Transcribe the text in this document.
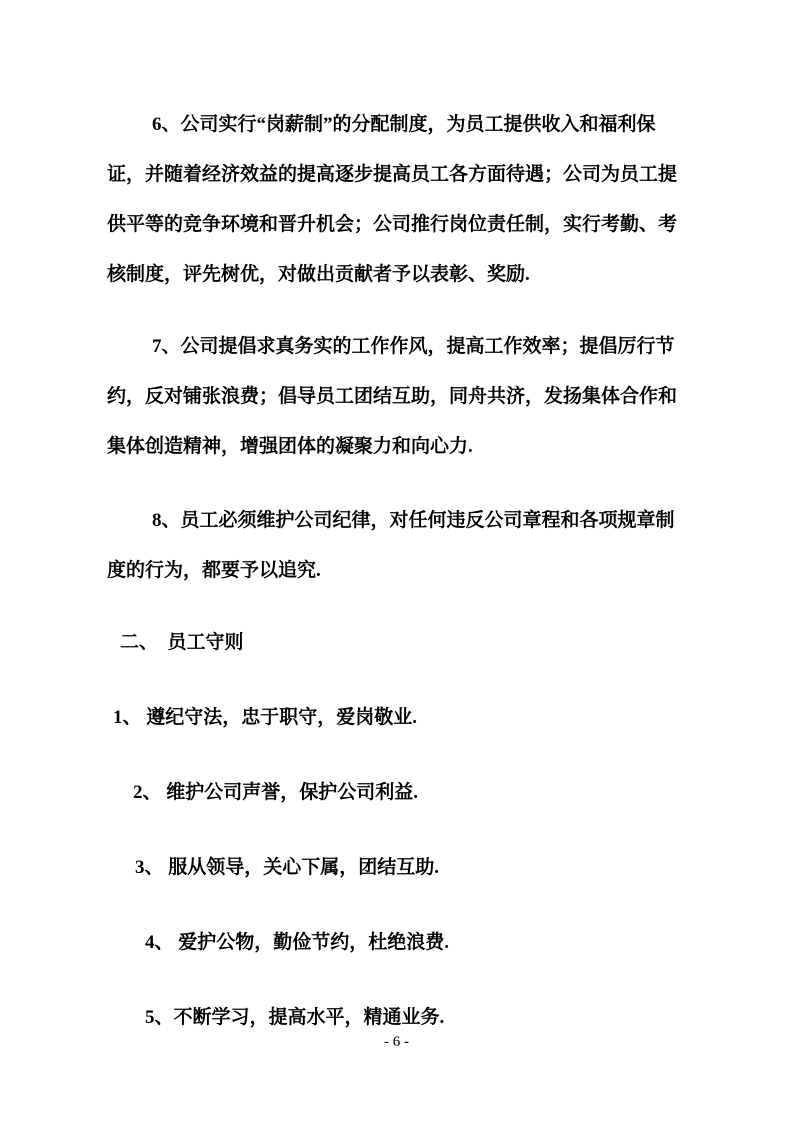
6、公司实行“岗薪制”的分配制度，为员工提供收入和福利保
证，并随着经济效益的提高逐步提高员工各方面待遇；公司为员工提
供平等的竞争环境和晋升机会；公司推行岗位责任制，实行考勤、考
核制度，评先树优，对做出贡献者予以表彰、奖励.
7、公司提倡求真务实的工作作风，提高工作效率；提倡厉行节
约，反对铺张浪费；倡导员工团结互助，同舟共济，发扬集体合作和
集体创造精神，增强团体的凝聚力和向心力.
8、员工必须维护公司纪律，对任何违反公司章程和各项规章制
度的行为，都要予以追究.
二、　员工守则
1、 遵纪守法，忠于职守，爱岗敬业.
2、 维护公司声誉，保护公司利益.
3、 服从领导，关心下属，团结互助.
4、 爱护公物，勤俭节约，杜绝浪费.
5、不断学习，提高水平，精通业务.
- 6 -
